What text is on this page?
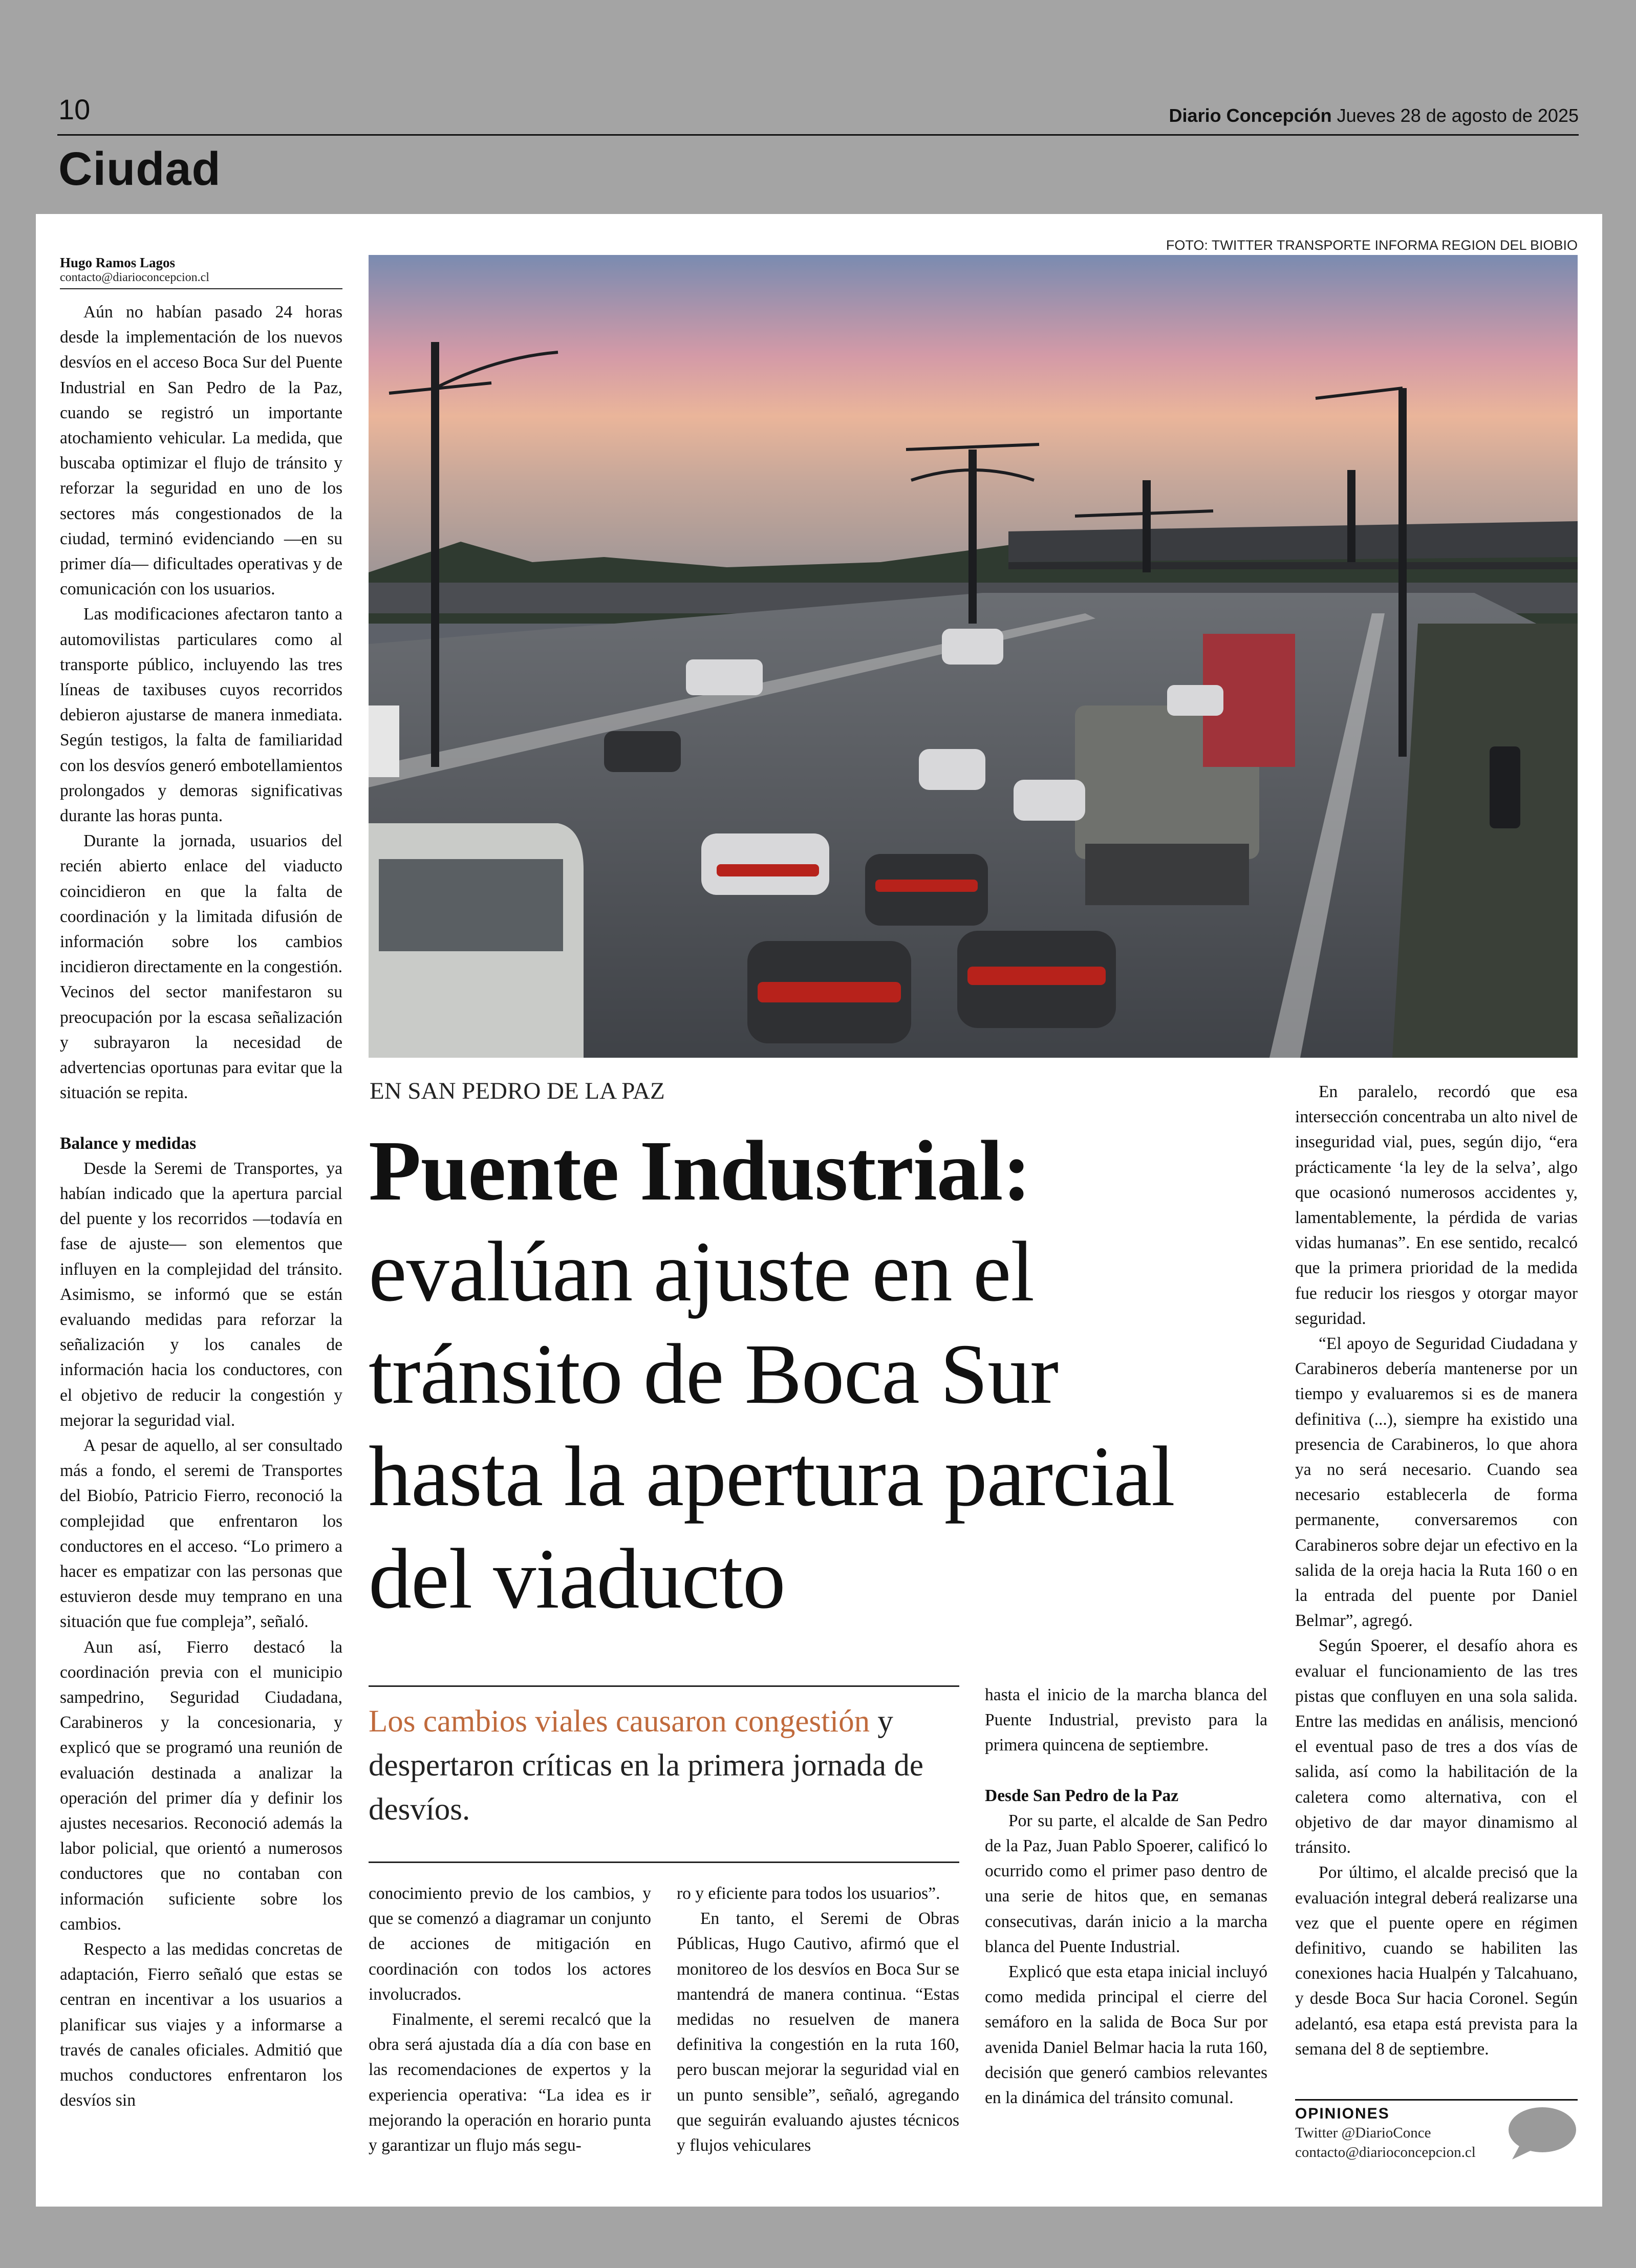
10	Diario Concepción Jueves 28 de agosto de 2025
Ciudad
Hugo Ramos Lagos
contacto@diarioconcepcion.cl

Aún no habían pasado 24 horas desde la implementación de los nuevos desvíos en el acceso Boca Sur del Puente Industrial en San Pedro de la Paz, cuando se registró un importante atochamiento vehicular. La medida, que buscaba optimizar el flujo de tránsito y reforzar la seguridad en uno de los sectores más congestionados de la ciudad, terminó evidenciando —en su primer día— dificultades operativas y de comunicación con los usuarios.

Las modificaciones afectaron tanto a automovilistas particulares como al transporte público, incluyendo las tres líneas de taxibuses cuyos recorridos debieron ajustarse de manera inmediata. Según testigos, la falta de familiaridad con los desvíos generó embotellamientos prolongados y demoras significativas durante las horas punta.

Durante la jornada, usuarios del recién abierto enlace del viaducto coincidieron en que la falta de coordinación y la limitada difusión de información sobre los cambios incidieron directamente en la congestión. Vecinos del sector manifestaron su preocupación por la escasa señalización y subrayaron la necesidad de advertencias oportunas para evitar que la situación se repita.

Balance y medidas

Desde la Seremi de Transportes, ya habían indicado que la apertura parcial del puente y los recorridos —todavía en fase de ajuste— son elementos que influyen en la complejidad del tránsito. Asimismo, se informó que se están evaluando medidas para reforzar la señalización y los canales de información hacia los conductores, con el objetivo de reducir la congestión y mejorar la seguridad vial.

A pesar de aquello, al ser consultado más a fondo, el seremi de Transportes del Biobío, Patricio Fierro, reconoció la complejidad que enfrentaron los conductores en el acceso. “Lo primero a hacer es empatizar con las personas que estuvieron desde muy temprano en una situación que fue compleja”, señaló.

Aun así, Fierro destacó la coordinación previa con el municipio sampedrino, Seguridad Ciudadana, Carabineros y la concesionaria, y explicó que se programó una reunión de evaluación destinada a analizar la operación del primer día y definir los ajustes necesarios. Reconoció además la labor policial, que orientó a numerosos conductores que no contaban con información suficiente sobre los cambios.

Respecto a las medidas concretas de adaptación, Fierro señaló que estas se centran en incentivar a los usuarios a planificar sus viajes y a informarse a través de canales oficiales. Admitió que muchos conductores enfrentaron los desvíos sin

FOTO: TWITTER TRANSPORTE INFORMA REGION DEL BIOBIO
EN SAN PEDRO DE LA PAZ
Puente Industrial:
evalúan ajuste en el tránsito de Boca Sur hasta la apertura parcial del viaducto
Los cambios viales causaron congestión y despertaron críticas en la primera jornada de desvíos.

conocimiento previo de los cambios, y que se comenzó a diagramar un conjunto de acciones de mitigación en coordinación con todos los actores involucrados.

Finalmente, el seremi recalcó que la obra será ajustada día a día con base en las recomendaciones de expertos y la experiencia operativa: “La idea es ir mejorando la operación en horario punta y garantizar un flujo más segu-

ro y eficiente para todos los usuarios”.

En tanto, el Seremi de Obras Públicas, Hugo Cautivo, afirmó que el monitoreo de los desvíos en Boca Sur se mantendrá de manera continua. “Estas medidas no resuelven de manera definitiva la congestión en la ruta 160, pero buscan mejorar la seguridad vial en un punto sensible”, señaló, agregando que seguirán evaluando ajustes técnicos y flujos vehiculares

hasta el inicio de la marcha blanca del Puente Industrial, previsto para la primera quincena de septiembre.

Desde San Pedro de la Paz

Por su parte, el alcalde de San Pedro de la Paz, Juan Pablo Spoerer, calificó lo ocurrido como el primer paso dentro de una serie de hitos que, en semanas consecutivas, darán inicio a la marcha blanca del Puente Industrial.

Explicó que esta etapa inicial incluyó como medida principal el cierre del semáforo en la salida de Boca Sur por avenida Daniel Belmar hacia la ruta 160, decisión que generó cambios relevantes en la dinámica del tránsito comunal.

En paralelo, recordó que esa intersección concentraba un alto nivel de inseguridad vial, pues, según dijo, “era prácticamente ‘la ley de la selva’, algo que ocasionó numerosos accidentes y, lamentablemente, la pérdida de varias vidas humanas”. En ese sentido, recalcó que la primera prioridad de la medida fue reducir los riesgos y otorgar mayor seguridad.

“El apoyo de Seguridad Ciudadana y Carabineros debería mantenerse por un tiempo y evaluaremos si es de manera definitiva (...), siempre ha existido una presencia de Carabineros, lo que ahora ya no será necesario. Cuando sea necesario establecerla de forma permanente, conversaremos con Carabineros sobre dejar un efectivo en la salida de la oreja hacia la Ruta 160 o en la entrada del puente por Daniel Belmar”, agregó.

Según Spoerer, el desafío ahora es evaluar el funcionamiento de las tres pistas que confluyen en una sola salida. Entre las medidas en análisis, mencionó el eventual paso de tres a dos vías de salida, así como la habilitación de la caletera como alternativa, con el objetivo de dar mayor dinamismo al tránsito.

Por último, el alcalde precisó que la evaluación integral deberá realizarse una vez que el puente opere en régimen definitivo, cuando se habiliten las conexiones hacia Hualpén y Talcahuano, y desde Boca Sur hacia Coronel. Según adelantó, esa etapa está prevista para la semana del 8 de septiembre.

OPINIONES
Twitter @DiarioConce
contacto@diarioconcepcion.cl
